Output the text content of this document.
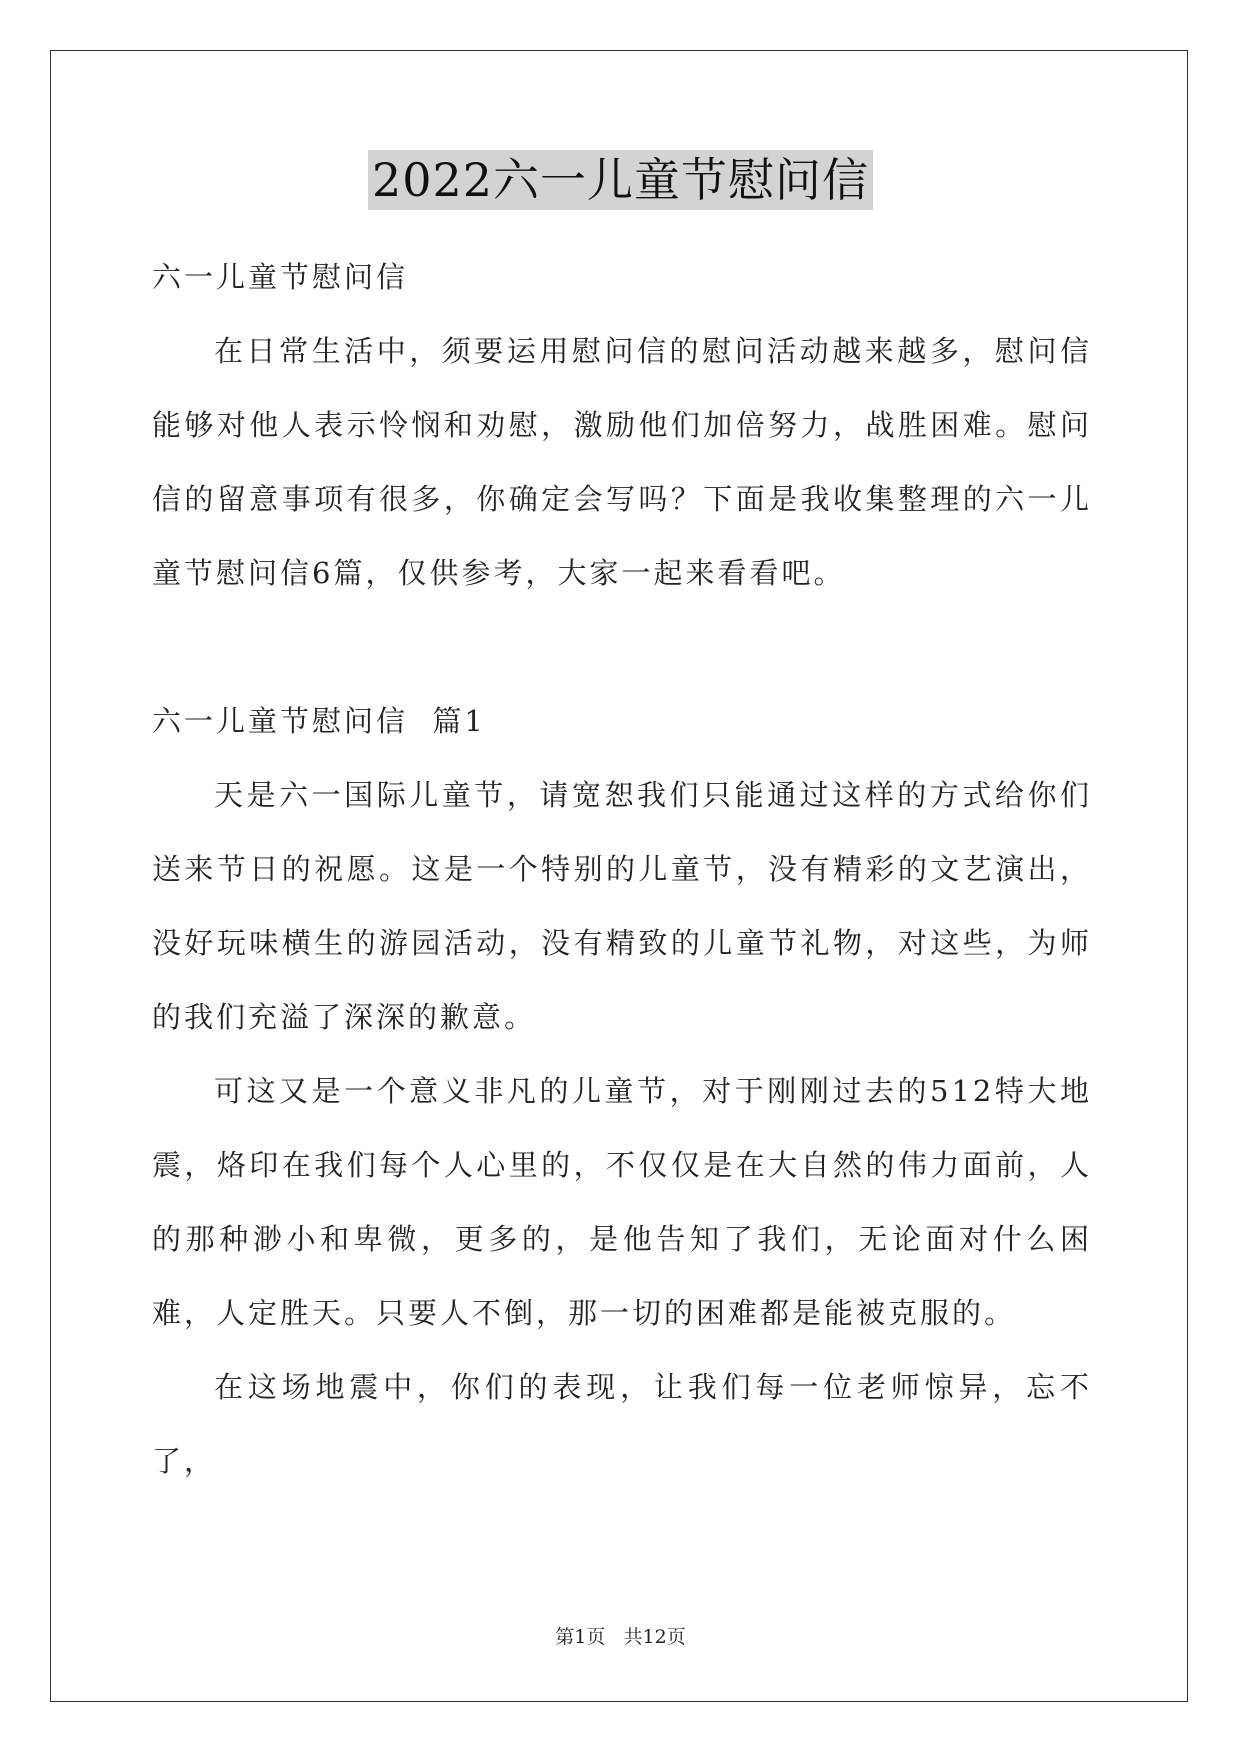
2022六一儿童节慰问信

六一儿童节慰问信

在日常生活中，须要运用慰问信的慰问活动越来越多，慰问信能够对他人表示怜悯和劝慰，激励他们加倍努力，战胜困难。慰问信的留意事项有很多，你确定会写吗？下面是我收集整理的六一儿童节慰问信6篇，仅供参考，大家一起来看看吧。

六一儿童节慰问信  篇1

天是六一国际儿童节，请宽恕我们只能通过这样的方式给你们送来节日的祝愿。这是一个特别的儿童节，没有精彩的文艺演出，没好玩味横生的游园活动，没有精致的儿童节礼物，对这些，为师的我们充溢了深深的歉意。

可这又是一个意义非凡的儿童节，对于刚刚过去的512特大地震，烙印在我们每个人心里的，不仅仅是在大自然的伟力面前，人的那种渺小和卑微，更多的，是他告知了我们，无论面对什么困难，人定胜天。只要人不倒，那一切的困难都是能被克服的。

在这场地震中，你们的表现，让我们每一位老师惊异，忘不了，

第1页 共12页
